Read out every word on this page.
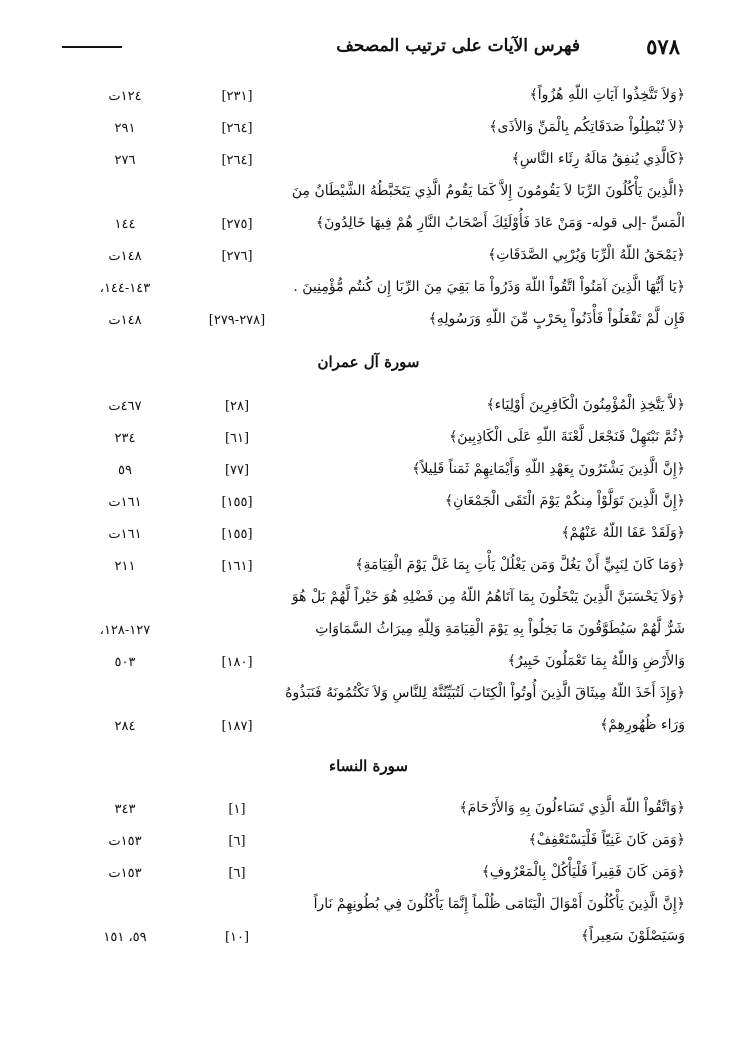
٥٧٨
فهرس الآيات على ترتيب المصحف
﴿وَلاَ تَتَّخِذُوا آيَاتِ اللّهِ هُزُواً﴾
[٢٣١]
١٢٤ت
﴿لاَ تُبْطِلُواْ صَدَقَاتِكُم بِالْمَنِّ وَالأذَى﴾
[٢٦٤]
٢٩١
﴿كَالَّذِي يُنفِقُ مَالَهُ رِئَاء النَّاسِ﴾
[٢٦٤]
٢٧٦
﴿الَّذِينَ يَأْكُلُونَ الرِّبَا لاَ يَقُومُونَ إِلاَّ كَمَا يَقُومُ الَّذِي يَتَخَبَّطُهُ الشَّيْطَانُ مِنَ
الْمَسِّ -إلى قوله- وَمَنْ عَادَ فَأُوْلَئِكَ أَصْحَابُ النَّارِ هُمْ فِيهَا خَالِدُونَ﴾
[٢٧٥]
١٤٤
﴿يَمْحَقُ اللّهُ الْرِّبَا وَيُرْبِي الصَّدَقَاتِ﴾
[٢٧٦]
١٤٨ت
﴿يَا أَيُّهَا الَّذِينَ آمَنُواْ اتَّقُواْ اللّهَ وَذَرُواْ مَا بَقِيَ مِنَ الرِّبَا إِن كُنتُم مُّؤْمِنِينَ .
١٤٣-١٤٤،
فَإِن لَّمْ تَفْعَلُواْ فَأْذَنُواْ بِحَرْبٍ مِّنَ اللّهِ وَرَسُولِهِ﴾
[٢٧٨-٢٧٩]
١٤٨ت
سورة آل عمران
﴿لاَّ يَتَّخِذِ الْمُؤْمِنُونَ الْكَافِرِينَ أَوْلِيَاء﴾
[٢٨]
٤٦٧ت
﴿ثُمَّ نَبْتَهِلْ فَنَجْعَل لَّعْنَةَ اللّهِ عَلَى الْكَاذِبِينَ﴾
[٦١]
٢٣٤
﴿إِنَّ الَّذِينَ يَشْتَرُونَ بِعَهْدِ اللّهِ وَأَيْمَانِهِمْ ثَمَناً قَلِيلاً﴾
[٧٧]
٥٩
﴿إِنَّ الَّذِينَ تَوَلَّوْاْ مِنكُمْ يَوْمَ الْتَقَى الْجَمْعَانِ﴾
[١٥٥]
١٦١ت
﴿وَلَقَدْ عَفَا اللّهُ عَنْهُمْ﴾
[١٥٥]
١٦١ت
﴿وَمَا كَانَ لِنَبِيٍّ أَنْ يَغُلَّ وَمَن يَغْلُلْ يَأْتِ بِمَا غَلَّ يَوْمَ الْقِيَامَةِ﴾
[١٦١]
٢١١
﴿وَلاَ يَحْسَبَنَّ الَّذِينَ يَبْخَلُونَ بِمَا آتَاهُمُ اللّهُ مِن فَضْلِهِ هُوَ خَيْراً لَّهُمْ بَلْ هُوَ
شَرٌّ لَّهُمْ سَيُطَوَّقُونَ مَا بَخِلُواْ بِهِ يَوْمَ الْقِيَامَةِ وَلِلّهِ مِيرَاثُ السَّمَاوَاتِ
١٢٧-١٢٨،
وَالأَرْضِ وَاللّهُ بِمَا تَعْمَلُونَ خَبِيرٌ﴾
[١٨٠]
٥٠٣
﴿وَإِذَ أَخَذَ اللّهُ مِيثَاقَ الَّذِينَ أُوتُواْ الْكِتَابَ لَتُبَيِّنُنَّهُ لِلنَّاسِ وَلاَ تَكْتُمُونَهُ فَنَبَذُوهُ
وَرَاء ظُهُورِهِمْ﴾
[١٨٧]
٢٨٤
سورة النساء
﴿وَاتَّقُواْ اللّهَ الَّذِي تَسَاءلُونَ بِهِ وَالأَرْحَامَ﴾
[١]
٣٤٣
﴿وَمَن كَانَ غَنِيّاً فَلْيَسْتَعْفِفْ﴾
[٦]
١٥٣ت
﴿وَمَن كَانَ فَقِيراً فَلْيَأْكُلْ بِالْمَعْرُوفِ﴾
[٦]
١٥٣ت
﴿إِنَّ الَّذِينَ يَأْكُلُونَ أَمْوَالَ الْيَتَامَى ظُلْماً إِنَّمَا يَأْكُلُونَ فِي بُطُونِهِمْ نَاراً
وَسَيَصْلَوْنَ سَعِيراً﴾
[١٠]
٥٩، ١٥١
